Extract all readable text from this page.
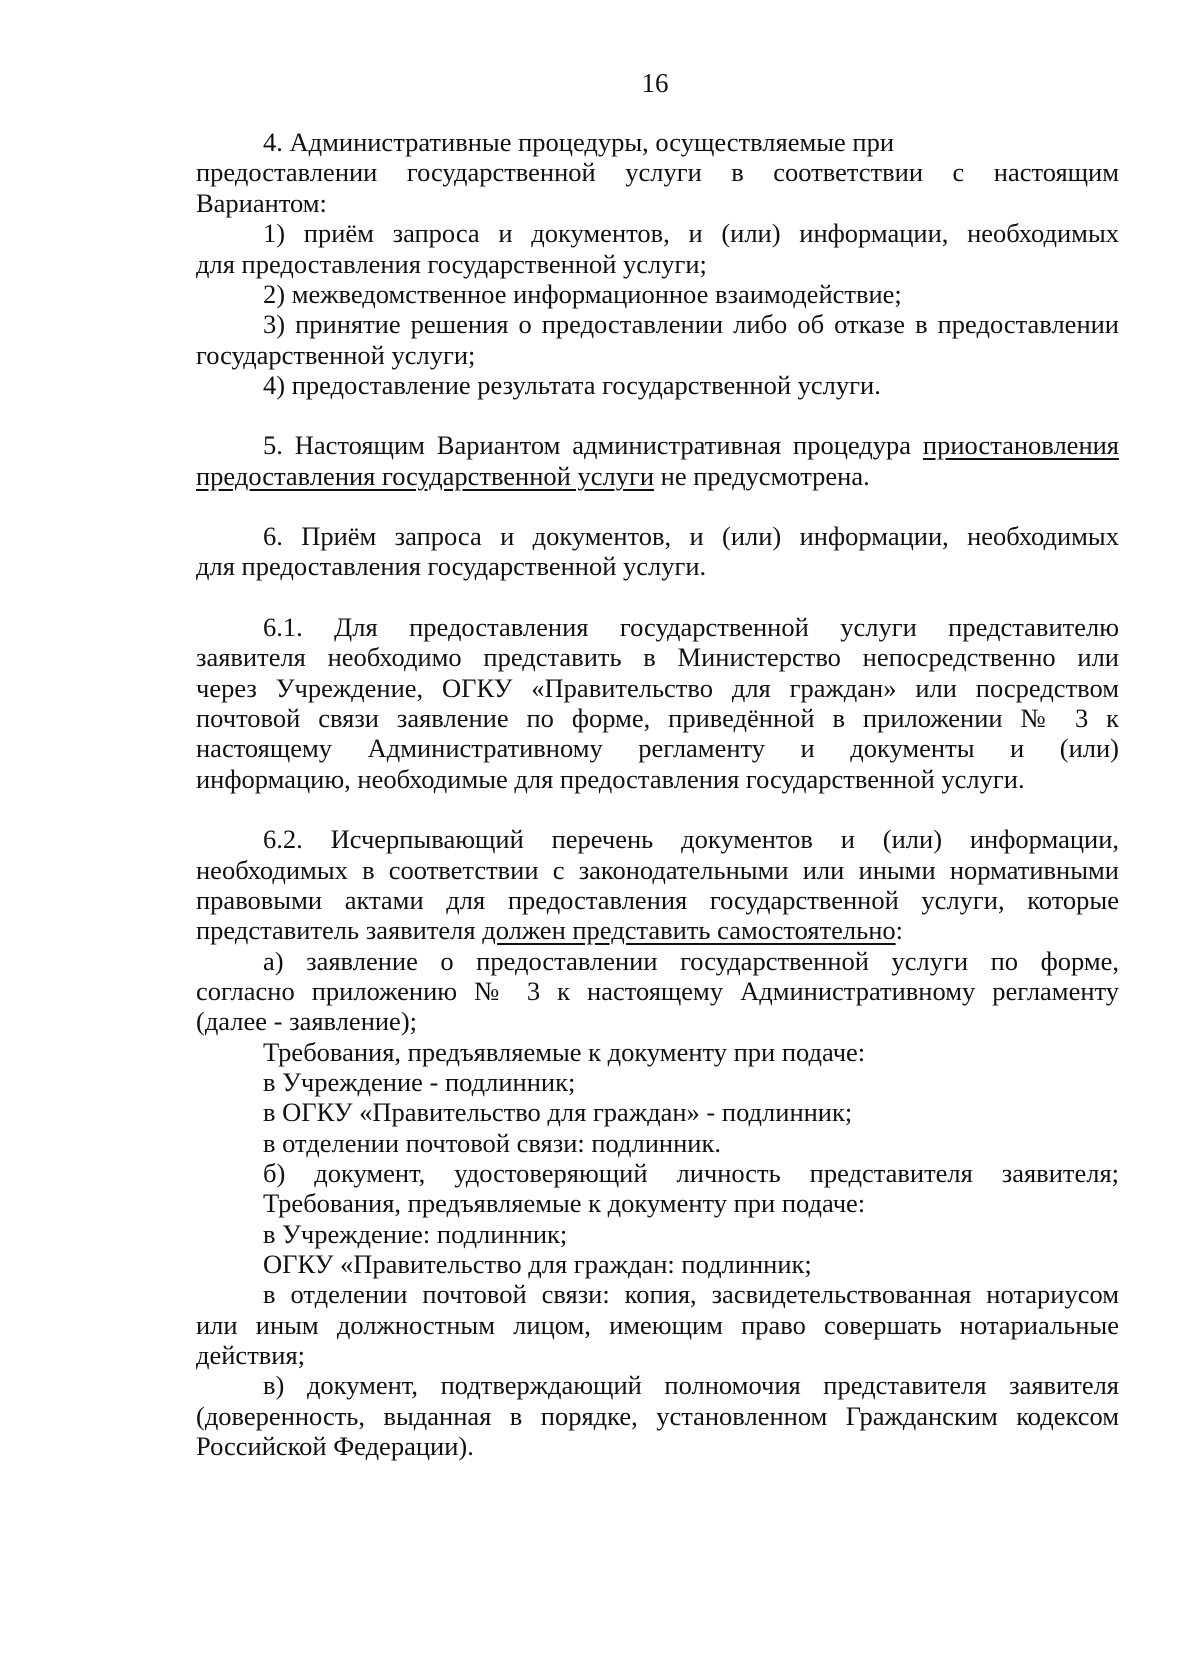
16

4. Административные процедуры, осуществляемые при

предоставлении государственной услуги в соответствии с настоящим

Вариантом:

1) приём запроса и документов, и (или) информации, необходимых

для предоставления государственной услуги;

2) межведомственное информационное взаимодействие;

3) принятие решения о предоставлении либо об отказе в предоставлении

государственной услуги;

4) предоставление результата государственной услуги.

5. Настоящим Вариантом административная процедура приостановления

предоставления государственной услуги не предусмотрена.

6. Приём запроса и документов, и (или) информации, необходимых

для предоставления государственной услуги.

6.1. Для предоставления государственной услуги представителю

заявителя необходимо представить в Министерство непосредственно или

через Учреждение, ОГКУ «Правительство для граждан» или посредством

почтовой связи заявление по форме, приведённой в приложении № 3 к

настоящему Административному регламенту и документы и (или)

информацию, необходимые для предоставления государственной услуги.

6.2. Исчерпывающий перечень документов и (или) информации,

необходимых в соответствии с законодательными или иными нормативными

правовыми актами для предоставления государственной услуги, которые

представитель заявителя должен представить самостоятельно:

а) заявление о предоставлении государственной услуги по форме,

согласно приложению № 3 к настоящему Административному регламенту

(далее - заявление);

Требования, предъявляемые к документу при подаче:

в Учреждение - подлинник;

в ОГКУ «Правительство для граждан» - подлинник;

в отделении почтовой связи: подлинник.

б) документ, удостоверяющий личность представителя заявителя;

Требования, предъявляемые к документу при подаче:

в Учреждение: подлинник;

ОГКУ «Правительство для граждан: подлинник;

в отделении почтовой связи: копия, засвидетельствованная нотариусом

или иным должностным лицом, имеющим право совершать нотариальные

действия;

в) документ, подтверждающий полномочия представителя заявителя

(доверенность, выданная в порядке, установленном Гражданским кодексом

Российской Федерации).
